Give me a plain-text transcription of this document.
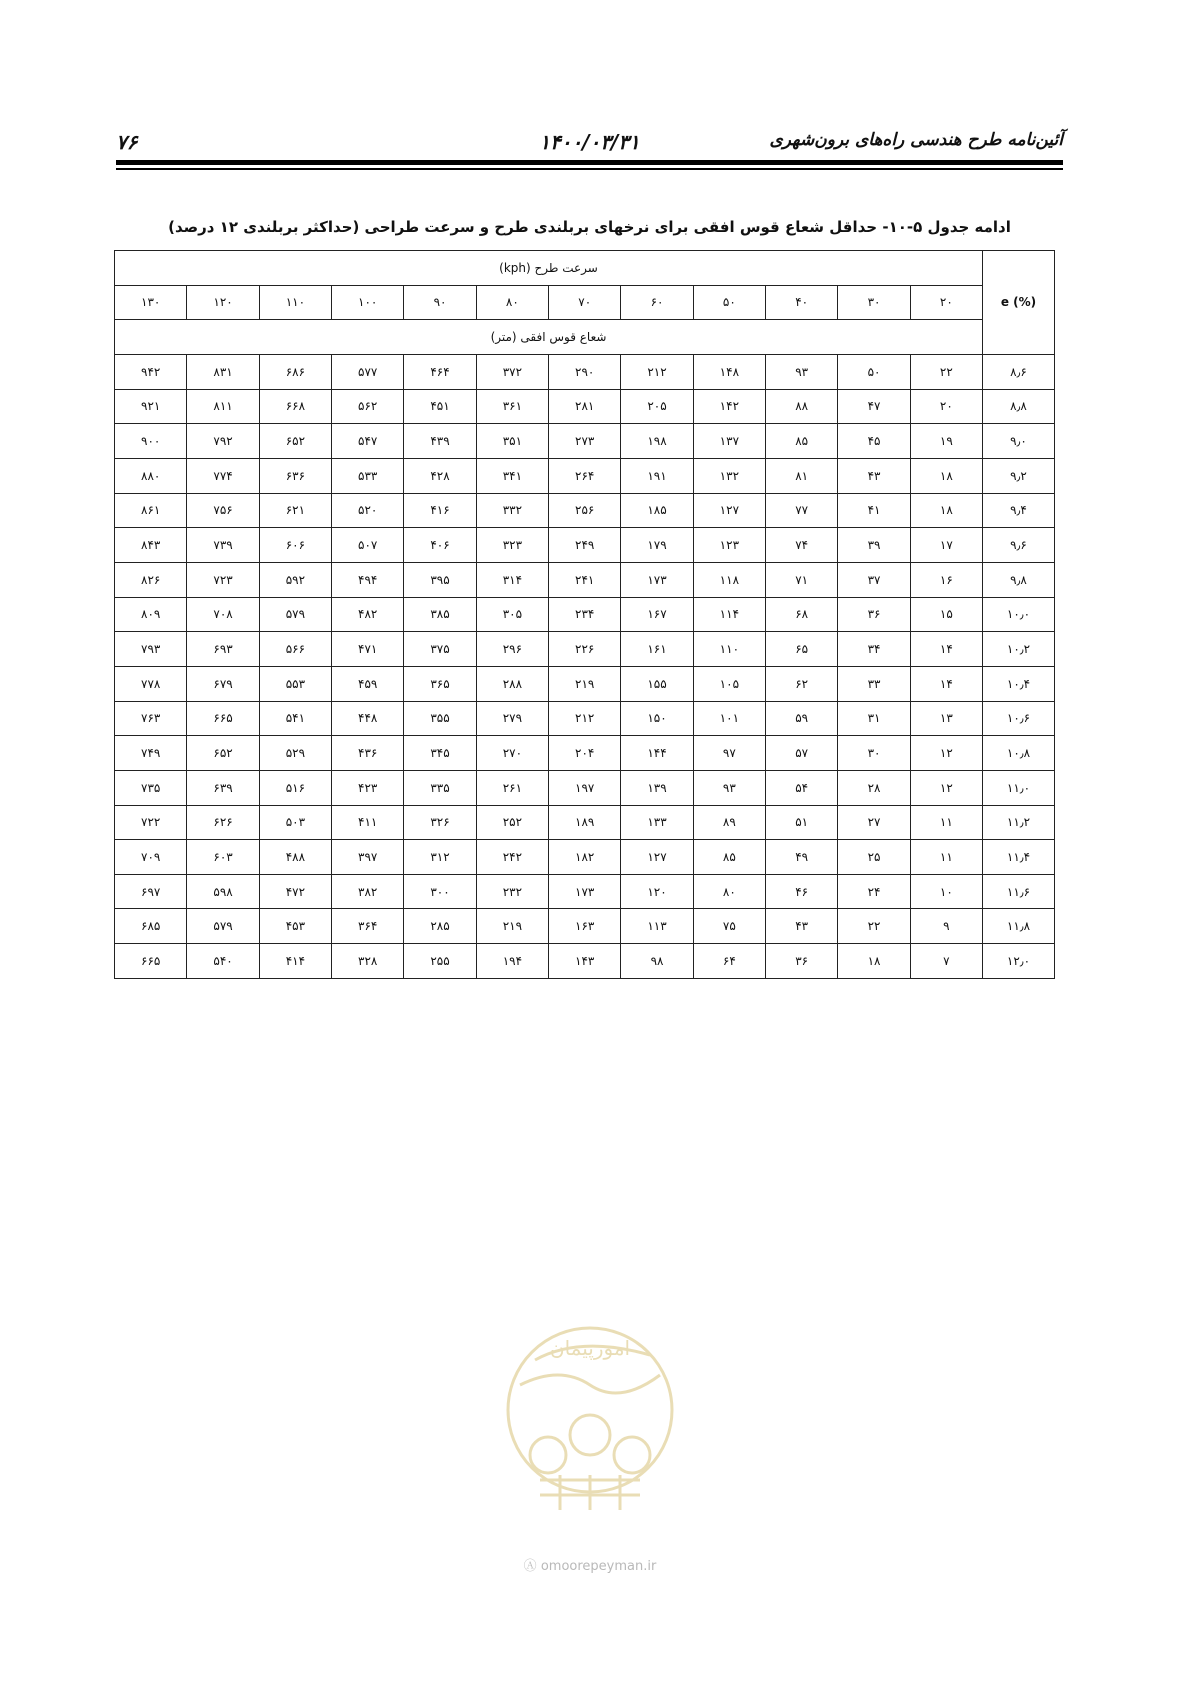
۷۶	۱۴۰۰/۰۳/۳۱	آئین‌نامه طرح هندسی راه‌های برون‌شهری
ادامه جدول ۵-۱۰- حداقل شعاع قوس افقی برای نرخهای بربلندی طرح و سرعت طراحی (حداکثر بربلندی ۱۲ درصد)
e (%)	سرعت طرح (kph)											
	۲۰	۳۰	۴۰	۵۰	۶۰	۷۰	۸۰	۹۰	۱۰۰	۱۱۰	۱۲۰	۱۳۰
	شعاع قوس افقی (متر)											
۸٫۶	۲۲	۵۰	۹۳	۱۴۸	۲۱۲	۲۹۰	۳۷۲	۴۶۴	۵۷۷	۶۸۶	۸۳۱	۹۴۲
۸٫۸	۲۰	۴۷	۸۸	۱۴۲	۲۰۵	۲۸۱	۳۶۱	۴۵۱	۵۶۲	۶۶۸	۸۱۱	۹۲۱
۹٫۰	۱۹	۴۵	۸۵	۱۳۷	۱۹۸	۲۷۳	۳۵۱	۴۳۹	۵۴۷	۶۵۲	۷۹۲	۹۰۰
۹٫۲	۱۸	۴۳	۸۱	۱۳۲	۱۹۱	۲۶۴	۳۴۱	۴۲۸	۵۳۳	۶۳۶	۷۷۴	۸۸۰
۹٫۴	۱۸	۴۱	۷۷	۱۲۷	۱۸۵	۲۵۶	۳۳۲	۴۱۶	۵۲۰	۶۲۱	۷۵۶	۸۶۱
۹٫۶	۱۷	۳۹	۷۴	۱۲۳	۱۷۹	۲۴۹	۳۲۳	۴۰۶	۵۰۷	۶۰۶	۷۳۹	۸۴۳
۹٫۸	۱۶	۳۷	۷۱	۱۱۸	۱۷۳	۲۴۱	۳۱۴	۳۹۵	۴۹۴	۵۹۲	۷۲۳	۸۲۶
۱۰٫۰	۱۵	۳۶	۶۸	۱۱۴	۱۶۷	۲۳۴	۳۰۵	۳۸۵	۴۸۲	۵۷۹	۷۰۸	۸۰۹
۱۰٫۲	۱۴	۳۴	۶۵	۱۱۰	۱۶۱	۲۲۶	۲۹۶	۳۷۵	۴۷۱	۵۶۶	۶۹۳	۷۹۳
۱۰٫۴	۱۴	۳۳	۶۲	۱۰۵	۱۵۵	۲۱۹	۲۸۸	۳۶۵	۴۵۹	۵۵۳	۶۷۹	۷۷۸
۱۰٫۶	۱۳	۳۱	۵۹	۱۰۱	۱۵۰	۲۱۲	۲۷۹	۳۵۵	۴۴۸	۵۴۱	۶۶۵	۷۶۳
۱۰٫۸	۱۲	۳۰	۵۷	۹۷	۱۴۴	۲۰۴	۲۷۰	۳۴۵	۴۳۶	۵۲۹	۶۵۲	۷۴۹
۱۱٫۰	۱۲	۲۸	۵۴	۹۳	۱۳۹	۱۹۷	۲۶۱	۳۳۵	۴۲۳	۵۱۶	۶۳۹	۷۳۵
۱۱٫۲	۱۱	۲۷	۵۱	۸۹	۱۳۳	۱۸۹	۲۵۲	۳۲۶	۴۱۱	۵۰۳	۶۲۶	۷۲۲
۱۱٫۴	۱۱	۲۵	۴۹	۸۵	۱۲۷	۱۸۲	۲۴۲	۳۱۲	۳۹۷	۴۸۸	۶۰۳	۷۰۹
۱۱٫۶	۱۰	۲۴	۴۶	۸۰	۱۲۰	۱۷۳	۲۳۲	۳۰۰	۳۸۲	۴۷۲	۵۹۸	۶۹۷
۱۱٫۸	۹	۲۲	۴۳	۷۵	۱۱۳	۱۶۳	۲۱۹	۲۸۵	۳۶۴	۴۵۳	۵۷۹	۶۸۵
۱۲٫۰	۷	۱۸	۳۶	۶۴	۹۸	۱۴۳	۱۹۴	۲۵۵	۳۲۸	۴۱۴	۵۴۰	۶۶۵
امورپیمان
Ⓐ omoorepeyman.ir
